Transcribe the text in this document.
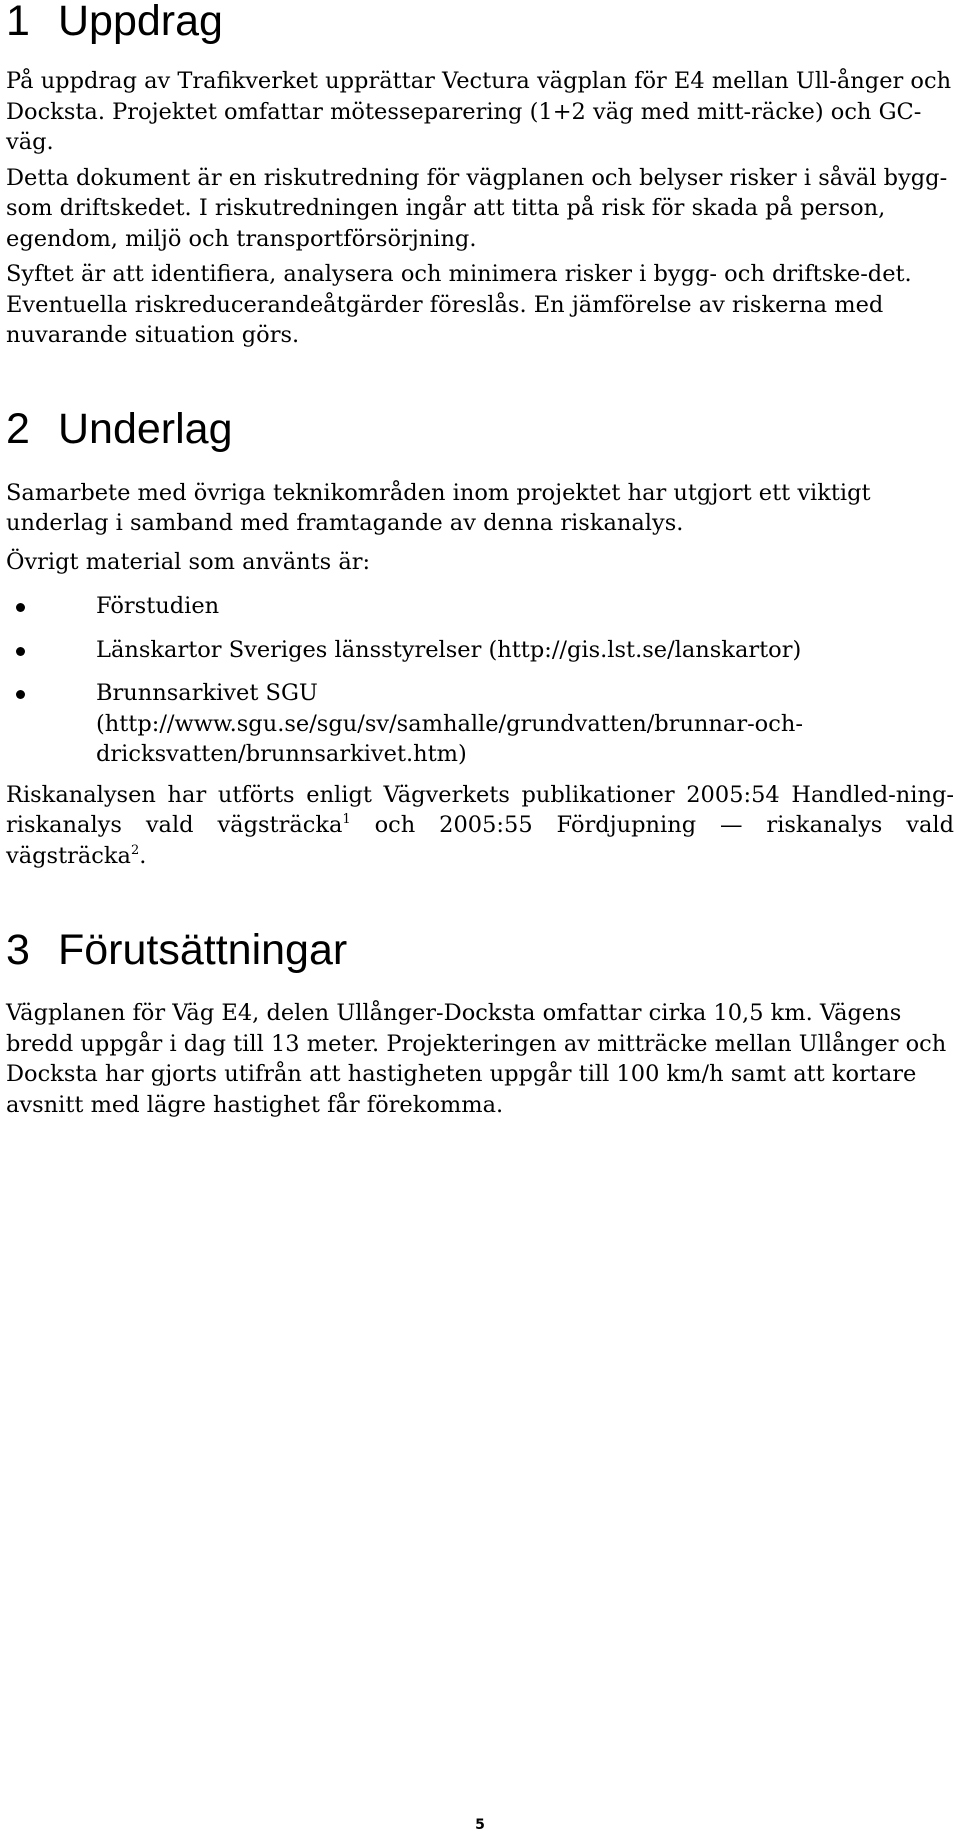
1 Uppdrag

På uppdrag av Trafikverket upprättar Vectura vägplan för E4 mellan Ull-ånger och Docksta. Projektet omfattar mötesseparering (1+2 väg med mitt-räcke) och GC-väg.

Detta dokument är en riskutredning för vägplanen och belyser risker i såväl bygg- som driftskedet. I riskutredningen ingår att titta på risk för skada på person, egendom, miljö och transportförsörjning.

Syftet är att identifiera, analysera och minimera risker i bygg- och driftske-det. Eventuella riskreducerandeåtgärder föreslås. En jämförelse av riskerna med nuvarande situation görs.

2 Underlag

Samarbete med övriga teknikområden inom projektet har utgjort ett viktigt underlag i samband med framtagande av denna riskanalys.

Övrigt material som använts är:

Förstudien
Länskartor Sveriges länsstyrelser (http://gis.lst.se/lanskartor)
Brunnsarkivet SGU (http://www.sgu.se/sgu/sv/samhalle/grundvatten/brunnar-och-dricksvatten/brunnsarkivet.htm)

Riskanalysen har utförts enligt Vägverkets publikationer 2005:54 Handled-ning- riskanalys vald vägsträcka$^1$ och 2005:55 Fördjupning — riskanalys vald vägsträcka$^2$.

3 Förutsättningar

Vägplanen för Väg E4, delen Ullånger-Docksta omfattar cirka 10,5 km. Vägens bredd uppgår i dag till 13 meter. Projekteringen av mitträcke mellan Ullånger och Docksta har gjorts utifrån att hastigheten uppgår till 100 km/h samt att kortare avsnitt med lägre hastighet får förekomma.

5
